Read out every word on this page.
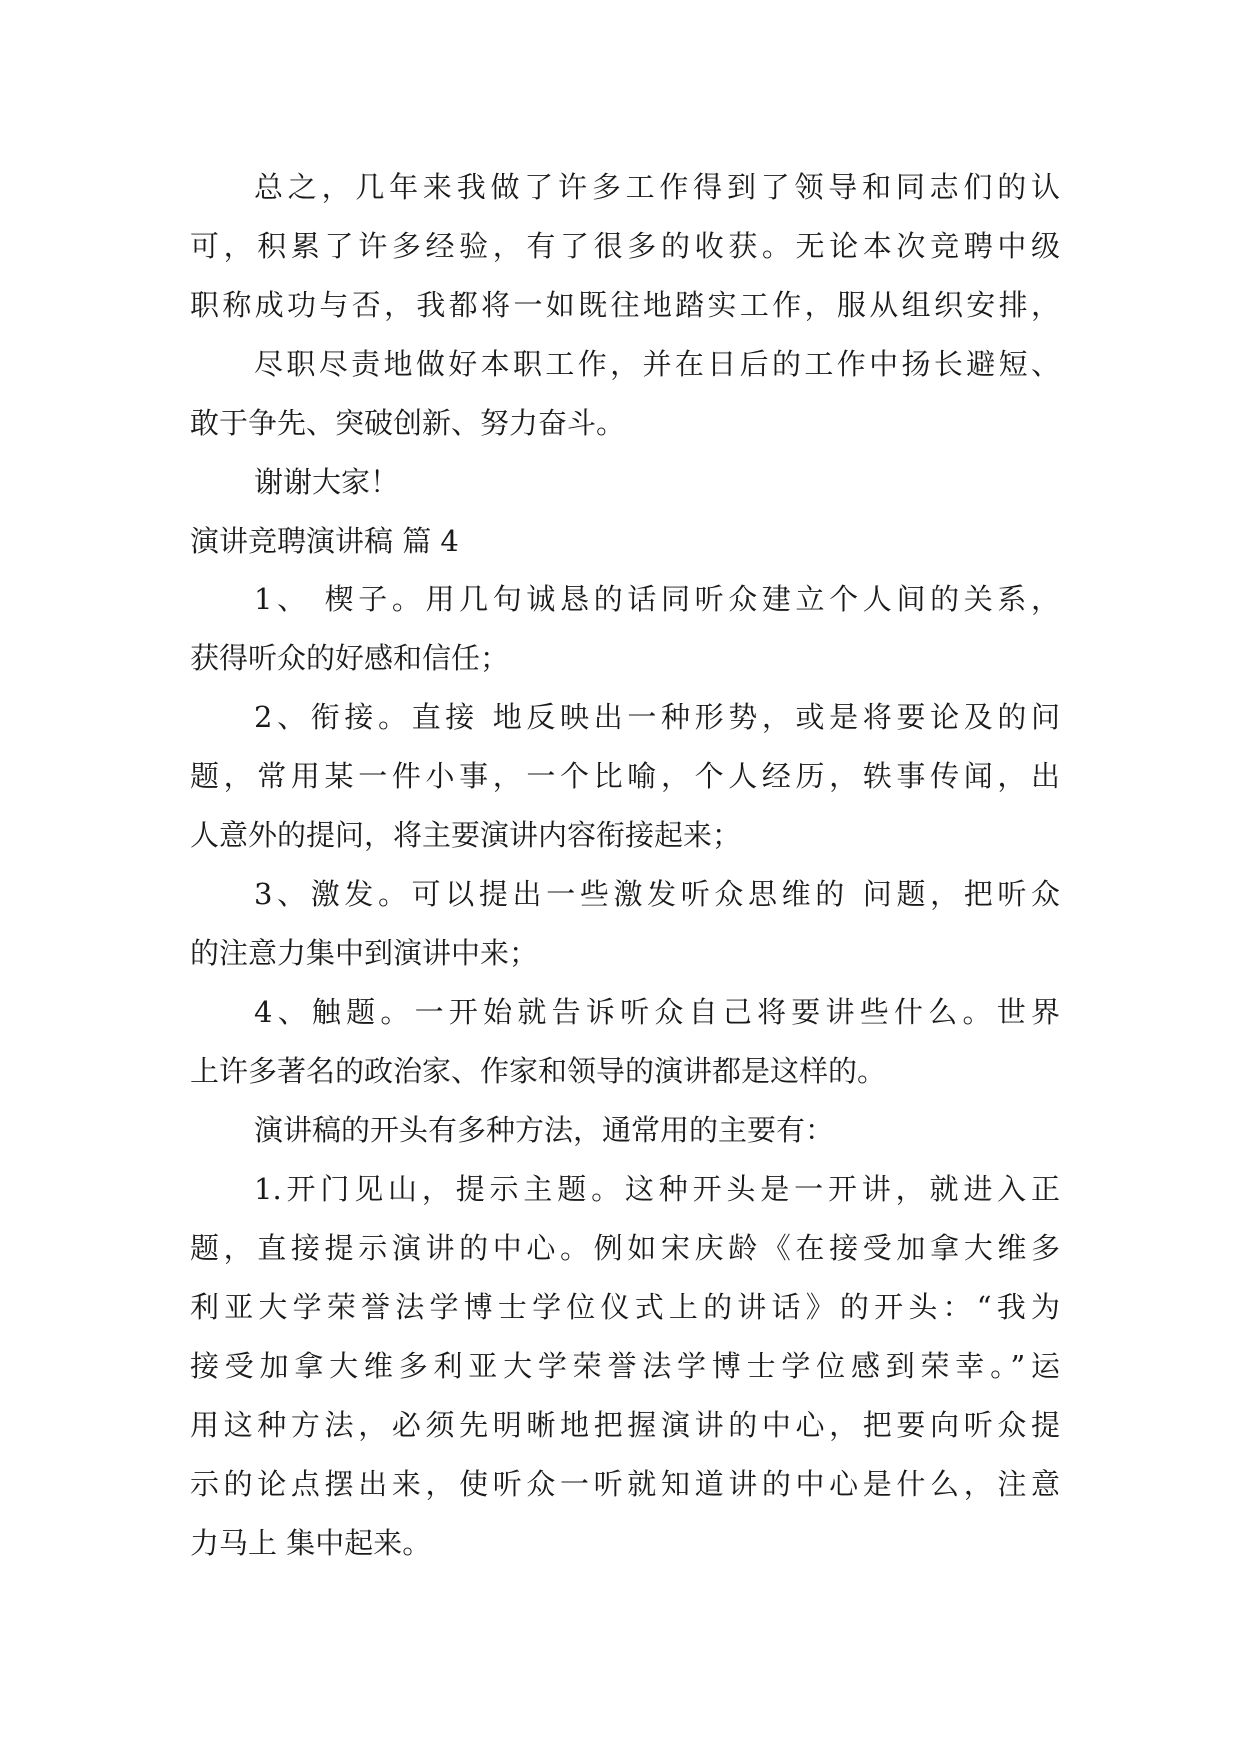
总之，几年来我做了许多工作得到了领导和同志们的认
可，积累了许多经验，有了很多的收获。无论本次竞聘中级
职称成功与否，我都将一如既往地踏实工作，服从组织安排，
尽职尽责地做好本职工作，并在日后的工作中扬长避短、
敢于争先、突破创新、努力奋斗。
谢谢大家！
演讲竞聘演讲稿 篇 4
1、 楔子。用几句诚恳的话同听众建立个人间的关系，
获得听众的好感和信任；
2、衔接。直接 地反映出一种形势，或是将要论及的问
题，常用某一件小事，一个比喻，个人经历，轶事传闻，出
人意外的提问，将主要演讲内容衔接起来；
3、激发。可以提出一些激发听众思维的 问题，把听众
的注意力集中到演讲中来；
4、触题。一开始就告诉听众自己将要讲些什么。世界
上许多著名的政治家、作家和领导的演讲都是这样的。
演讲稿的开头有多种方法，通常用的主要有：
1.开门见山，提示主题。这种开头是一开讲，就进入正
题，直接提示演讲的中心。例如宋庆龄《在接受加拿大维多
利亚大学荣誉法学博士学位仪式上的讲话》的开头：“我为
接受加拿大维多利亚大学荣誉法学博士学位感到荣幸。”运
用这种方法，必须先明晰地把握演讲的中心，把要向听众提
示的论点摆出来，使听众一听就知道讲的中心是什么，注意
力马上 集中起来。
